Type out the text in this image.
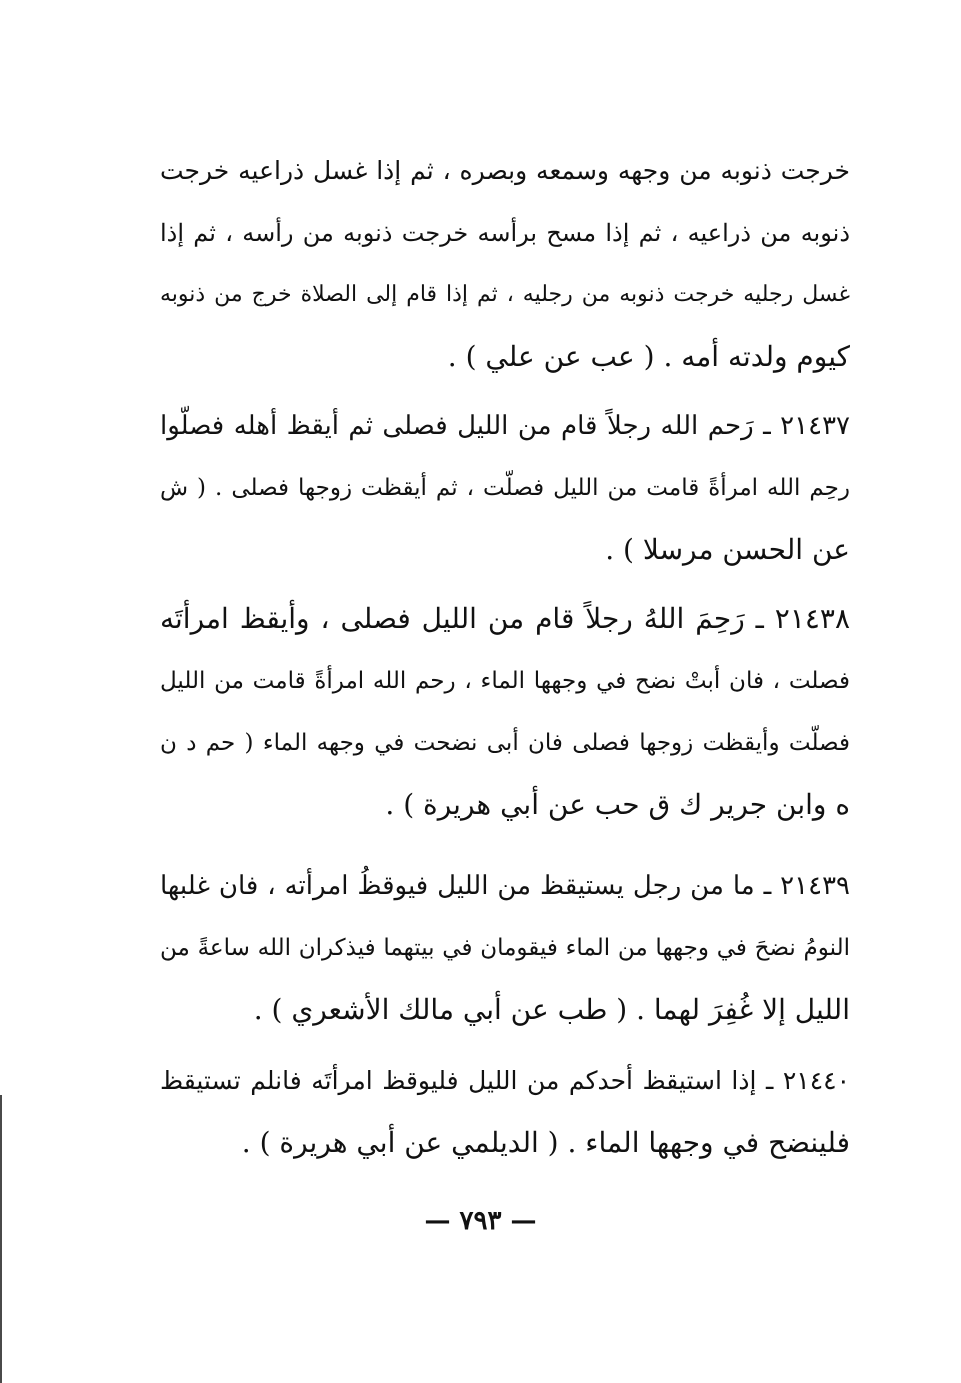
خرجت ذنوبه من وجهه وسمعه وبصره ، ثم إذا غسل ذراعيه خرجت
ذنوبه من ذراعيه ، ثم إذا مسح برأسه خرجت ذنوبه من رأسه ، ثم إذا
غسل رجليه خرجت ذنوبه من رجليه ، ثم إذا قام إلى الصلاة خرج من ذنوبه
كيوم ولدته أمه . ( عب عن علي ) .
٢١٤٣٧ ـ رَحم الله رجلاً قام من الليل فصلى ثم أيقظ أهله فصلّوا
رحِم الله امرأةً قامت من الليل فصلّت ، ثم أيقظت زوجها فصلى . ( ش
عن الحسن مرسلا ) .
٢١٤٣٨ ـ رَحِمَ اللهُ رجلاً قام من الليل فصلى ، وأيقظ امرأتَه
فصلت ، فان أبتْ نضح في وجهها الماء ، رحم الله امرأةً قامت من الليل
فصلّت وأيقظت زوجها فصلى فان أبى نضحت في وجهه الماء ( حم د ن
ه وابن جرير ك ق حب عن أبي هريرة ) .
٢١٤٣٩ ـ ما من رجل يستيقظ من الليل فيوقظُ امرأته ، فان غلبها
النومُ نضحَ في وجهها من الماء فيقومان في بيتهما فيذكران الله ساعةً من
الليل إلا غُفِرَ لهما . ( طب عن أبي مالك الأشعري ) .
٢١٤٤٠ ـ إذا استيقظ أحدكم من الليل فليوقظ امرأتَه فانلم تستيقظ
فلينضح في وجهها الماء . ( الديلمي عن أبي هريرة ) .
— ٧٩٣ —
